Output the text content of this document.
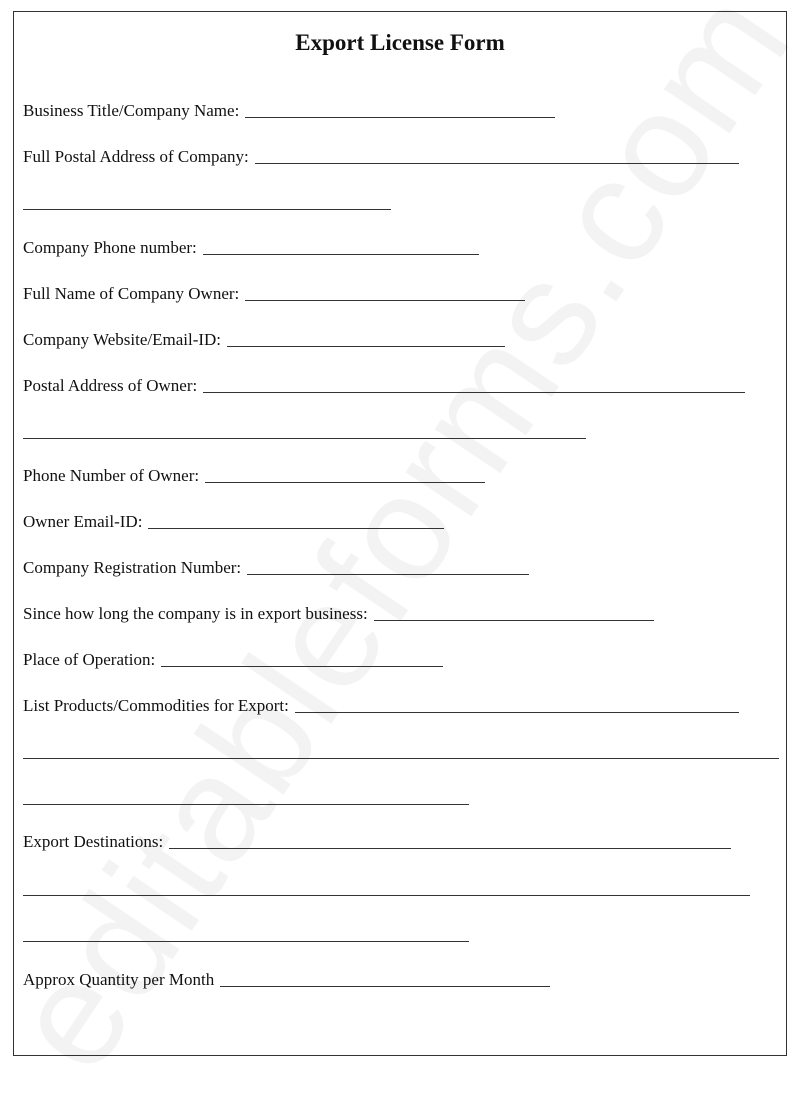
Export License Form
Business Title/Company Name:
Full Postal Address of Company:
Company Phone number:
Full Name of Company Owner:
Company Website/Email-ID:
Postal Address of Owner:
Phone Number of Owner:
Owner Email-ID:
Company Registration Number:
Since how long the company is in export business:
Place of Operation:
List Products/Commodities for Export:
Export Destinations:
Approx Quantity per Month
